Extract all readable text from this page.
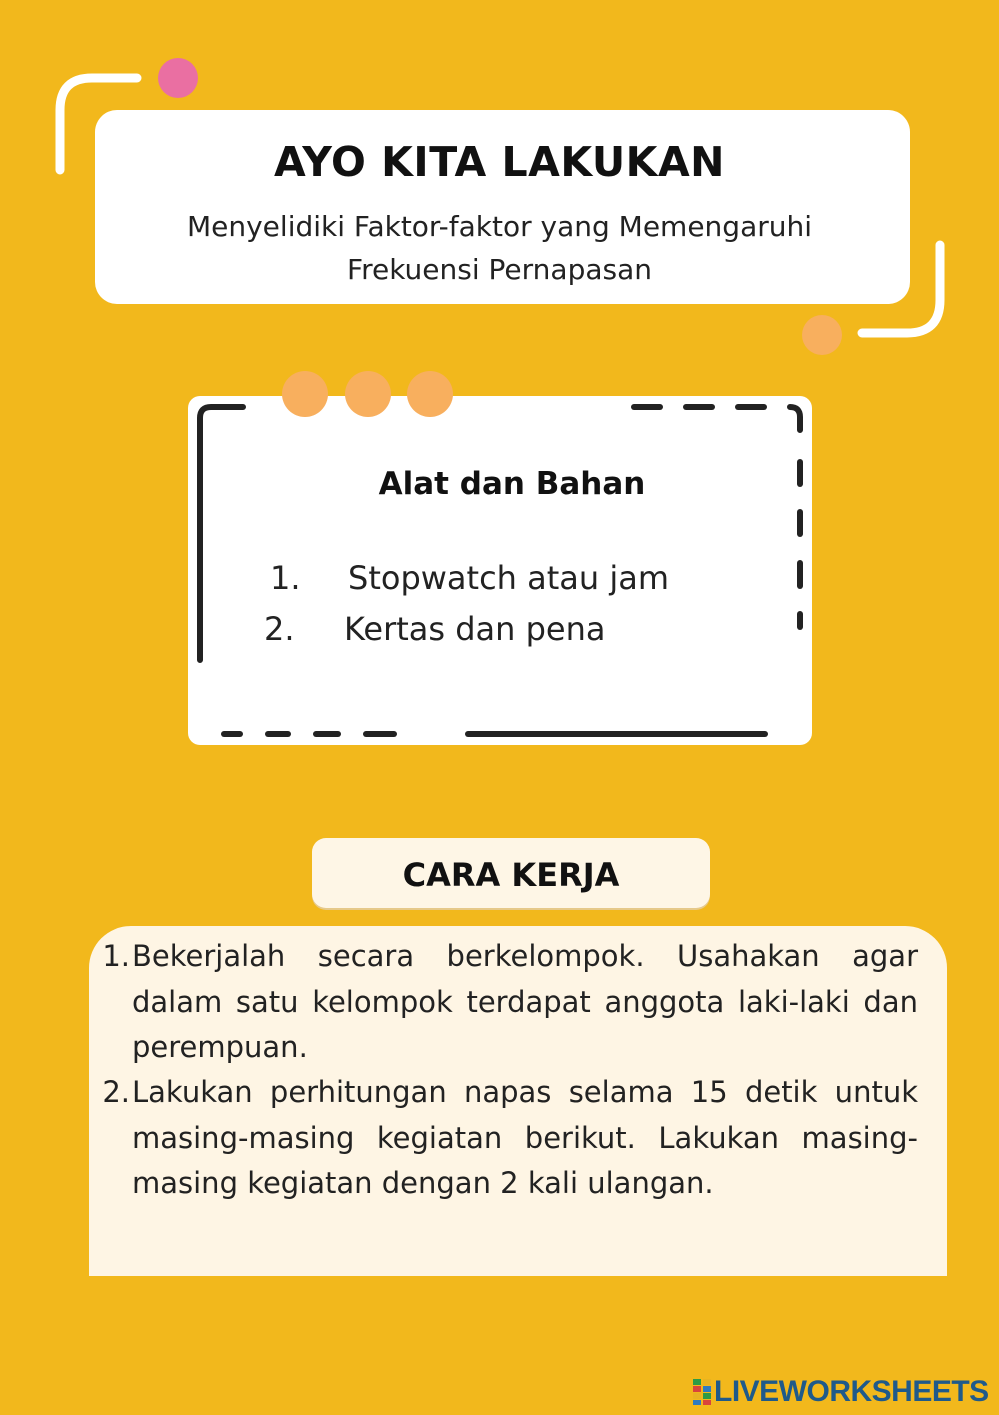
AYO KITA LAKUKAN
Menyelidiki Faktor-faktor yang Memengaruhi Frekuensi Pernapasan
Alat dan Bahan
1. Stopwatch atau jam
2. Kertas dan pena
CARA KERJA
1. Bekerjalah secara berkelompok. Usahakan agar dalam satu kelompok terdapat anggota laki-laki dan perempuan.
2. Lakukan perhitungan napas selama 15 detik untuk masing-masing kegiatan berikut. Lakukan masing-masing kegiatan dengan 2 kali ulangan.
LIVEWORKSHEETS
